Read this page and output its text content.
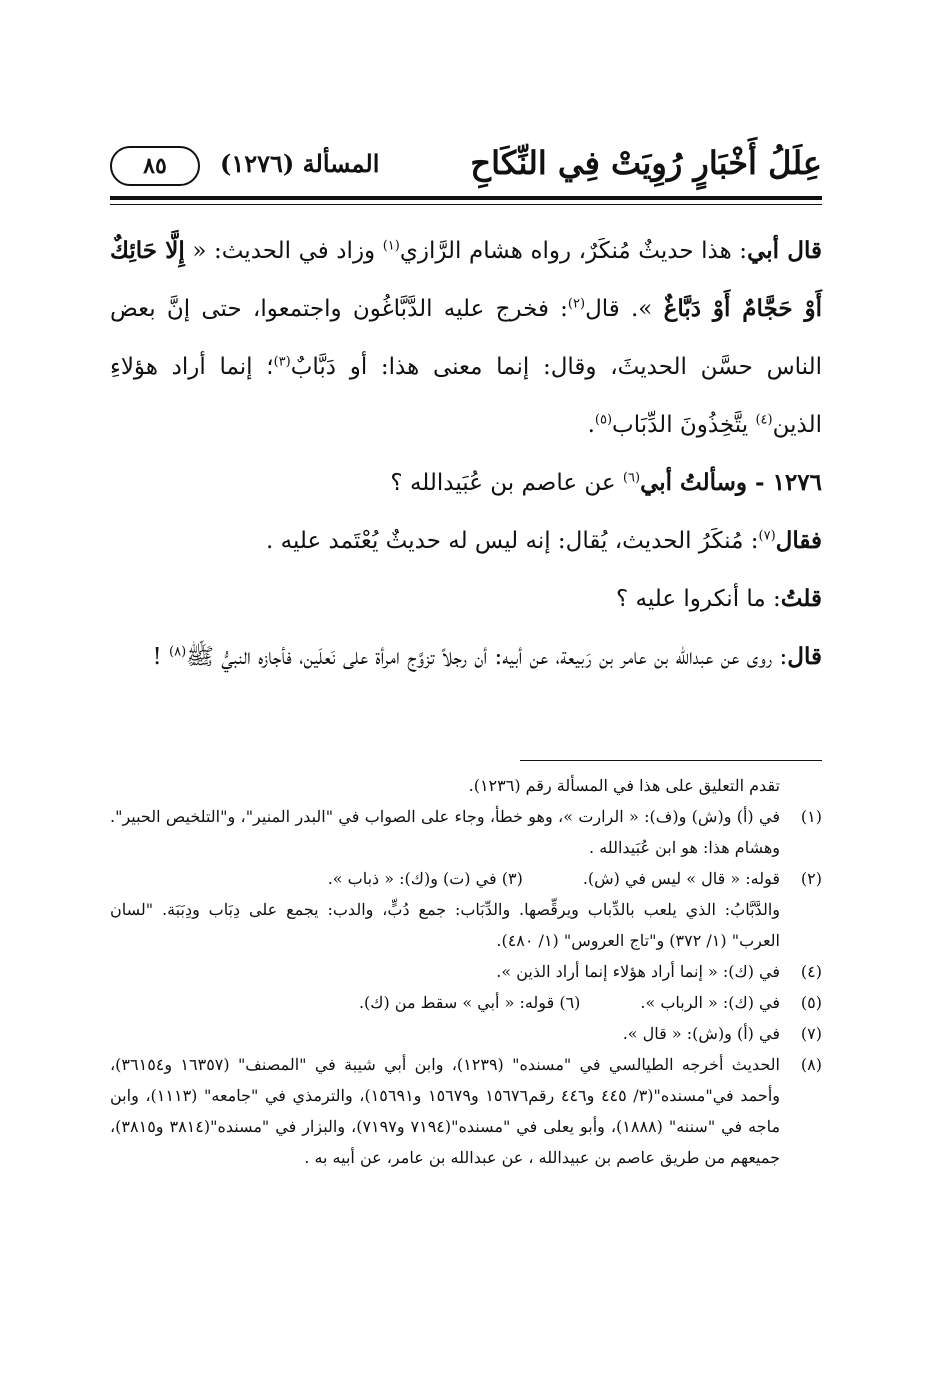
عِلَلُ أَخْبَارٍ رُوِيَتْ فِي النِّكَاحِ
المسألة (١٢٧٦)
٨٥

قال أبي: هذا حديثٌ مُنكَرٌ، رواه هشام الرَّازي$^{(١)}$ وزاد في الحديث: « إِلَّا حَائِكٌ أَوْ حَجَّامٌ أَوْ دَبَّاغٌ ». قال$^{(٢)}$: فخرج عليه الدَّبَّاغُون واجتمعوا، حتى إنَّ بعض الناس حسَّن الحديثَ، وقال: إنما معنى هذا: أو دَبَّابٌ$^{(٣)}$؛ إنما أراد هؤلاءِ الذين$^{(٤)}$ يتَّخِذُونَ الدِّبَاب$^{(٥)}$.

١٢٧٦ - وسألتُ أبي$^{(٦)}$ عن عاصم بن عُبَيدالله ؟

فقال$^{(٧)}$: مُنكَرُ الحديث، يُقال: إنه ليس له حديثٌ يُعْتَمد عليه .

قلتُ: ما أنكروا عليه ؟

قال: روى عن عبدالله بن عامر بن رَبيعة، عن أبيه: أن رجلاً تزوَّج امرأة على نَعلَين، فأجازه النبيُّ ﷺ$^{(٨)}$ !

تقدم التعليق على هذا في المسألة رقم (١٢٣٦).
(١)
في (أ) و(ش) و(ف): « الرارت »، وهو خطأ، وجاء على الصواب في "البدر المنير"، و"التلخيص الحبير". وهشام هذا: هو ابن عُبَيدالله .
قوله: « قال » ليس في (ش).
(٣) في (ت) و(ك): « ذباب ».	(٢)
والدَّبَّابُ: الذي يلعب بالدِّباب ويرقِّصها. والدِّبَاب: جمع دُبٍّ، والدب: يجمع على دِبَاب ودِبَبَة. "لسان العرب" (١/ ٣٧٢) و"تاج العروس" (١/ ٤٨٠).
(٤)
في (ك): « إنما أراد هؤلاء إنما أراد الذين ».
(٥)
في (ك): « الرباب ».
(٦) قوله: « أبي » سقط من (ك).
(٧)
في (أ) و(ش): « قال ».
(٨)
الحديث أخرجه الطيالسي في "مسنده" (١٢٣٩)، وابن أبي شيبة في "المصنف" (١٦٣٥٧ و٣٦١٥٤)، وأحمد في"مسنده"(٣/ ٤٤٥ و٤٤٦ رقم١٥٦٧٦ و١٥٦٧٩ و١٥٦٩١)، والترمذي في "جامعه" (١١١٣)، وابن ماجه في "سننه" (١٨٨٨)، وأبو يعلى في "مسنده"(٧١٩٤ و٧١٩٧)، والبزار في "مسنده"(٣٨١٤ و٣٨١٥)، جميعهم من طريق عاصم بن عبيدالله ، عن عبدالله بن عامر، عن أبيه به .
